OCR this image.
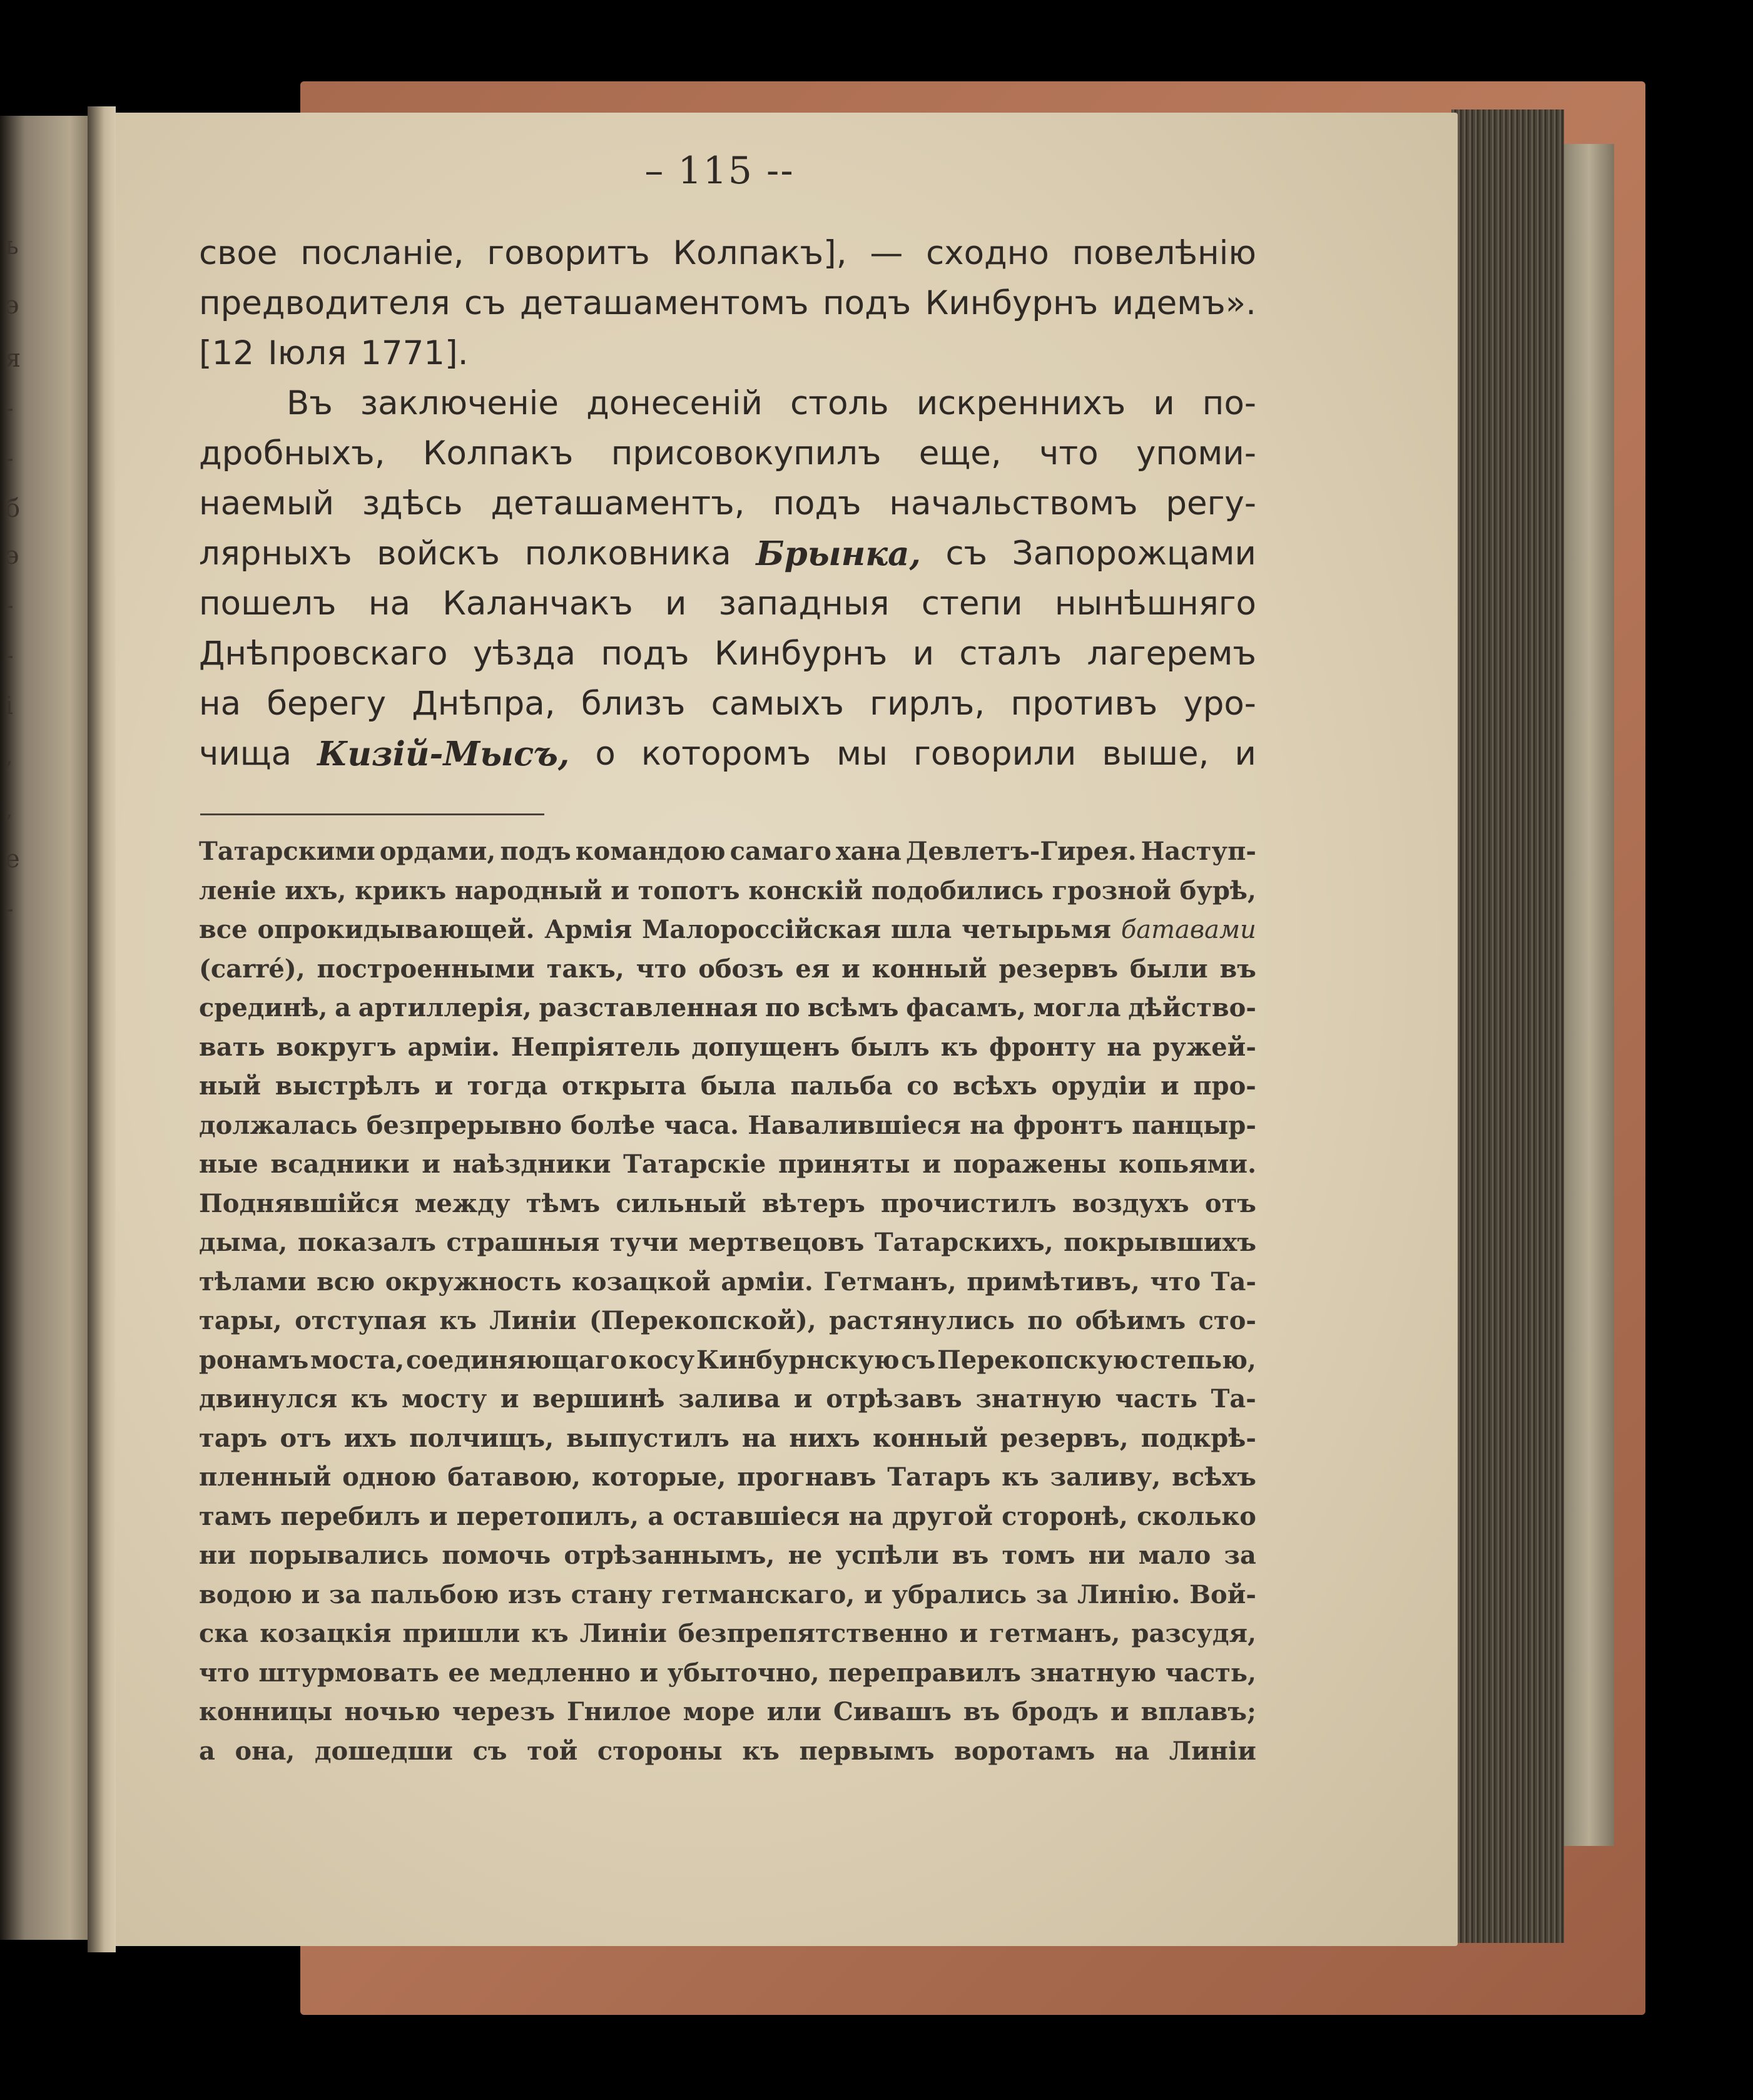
ь
э
я
-
-
б
э
-
-
і
,
,
е
-
– 115 --
свое посланіе, говоритъ Колпакъ], — сходно повелѣнію
предводителя съ деташаментомъ подъ Кинбурнъ идемъ».
[12 Іюля 1771].
Въ заключеніе донесеній столь искреннихъ и по-
дробныхъ, Колпакъ присовокупилъ еще, что упоми-
наемый здѣсь деташаментъ, подъ начальствомъ регу-
лярныхъ войскъ полковника Брынка, съ Запорожцами
пошелъ на Каланчакъ и западныя степи нынѣшняго
Днѣпровскаго уѣзда подъ Кинбурнъ и сталъ лагеремъ
на берегу Днѣпра, близъ самыхъ гирлъ, противъ уро-
чища Кизій-Мысъ, о которомъ мы говорили выше, и
Татарскими ордами, подъ командою самаго хана Девлетъ-Гирея. Наступ-
леніе ихъ, крикъ народный и топотъ конскій подобились грозной бурѣ,
все опрокидывающей. Армія Малороссійская шла четырьмя батавами
(carré), построенными такъ, что обозъ ея и конный резервъ были въ
срединѣ, а артиллерія, разставленная по всѣмъ фасамъ, могла дѣйство-
вать вокругъ арміи. Непріятель допущенъ былъ къ фронту на ружей-
ный выстрѣлъ и тогда открыта была пальба со всѣхъ орудіи и про-
должалась безпрерывно болѣе часа. Навалившіеся на фронтъ панцыр-
ные всадники и наѣздники Татарскіе приняты и поражены копьями.
Поднявшійся между тѣмъ сильный вѣтеръ прочистилъ воздухъ отъ
дыма, показалъ страшныя тучи мертвецовъ Татарскихъ, покрывшихъ
тѣлами всю окружность козацкой арміи. Гетманъ, примѣтивъ, что Та-
тары, отступая къ Линіи (Перекопской), растянулись по обѣимъ сто-
ронамъ моста, соединяющаго косу Кинбурнскую съ Перекопскую степью,
двинулся къ мосту и вершинѣ залива и отрѣзавъ знатную часть Та-
таръ отъ ихъ полчищъ, выпустилъ на нихъ конный резервъ, подкрѣ-
пленный одною батавою, которые, прогнавъ Татаръ къ заливу, всѣхъ
тамъ перебилъ и перетопилъ, а оставшіеся на другой сторонѣ, сколько
ни порывались помочь отрѣзаннымъ, не успѣли въ томъ ни мало за
водою и за пальбою изъ стану гетманскаго, и убрались за Линію. Вой-
ска козацкія пришли къ Линіи безпрепятственно и гетманъ, разсудя,
что штурмовать ее медленно и убыточно, переправилъ знатную часть,
конницы ночью черезъ Гнилое море или Сивашъ въ бродъ и вплавъ;
а она, дошедши съ той стороны къ первымъ воротамъ на Линіи
